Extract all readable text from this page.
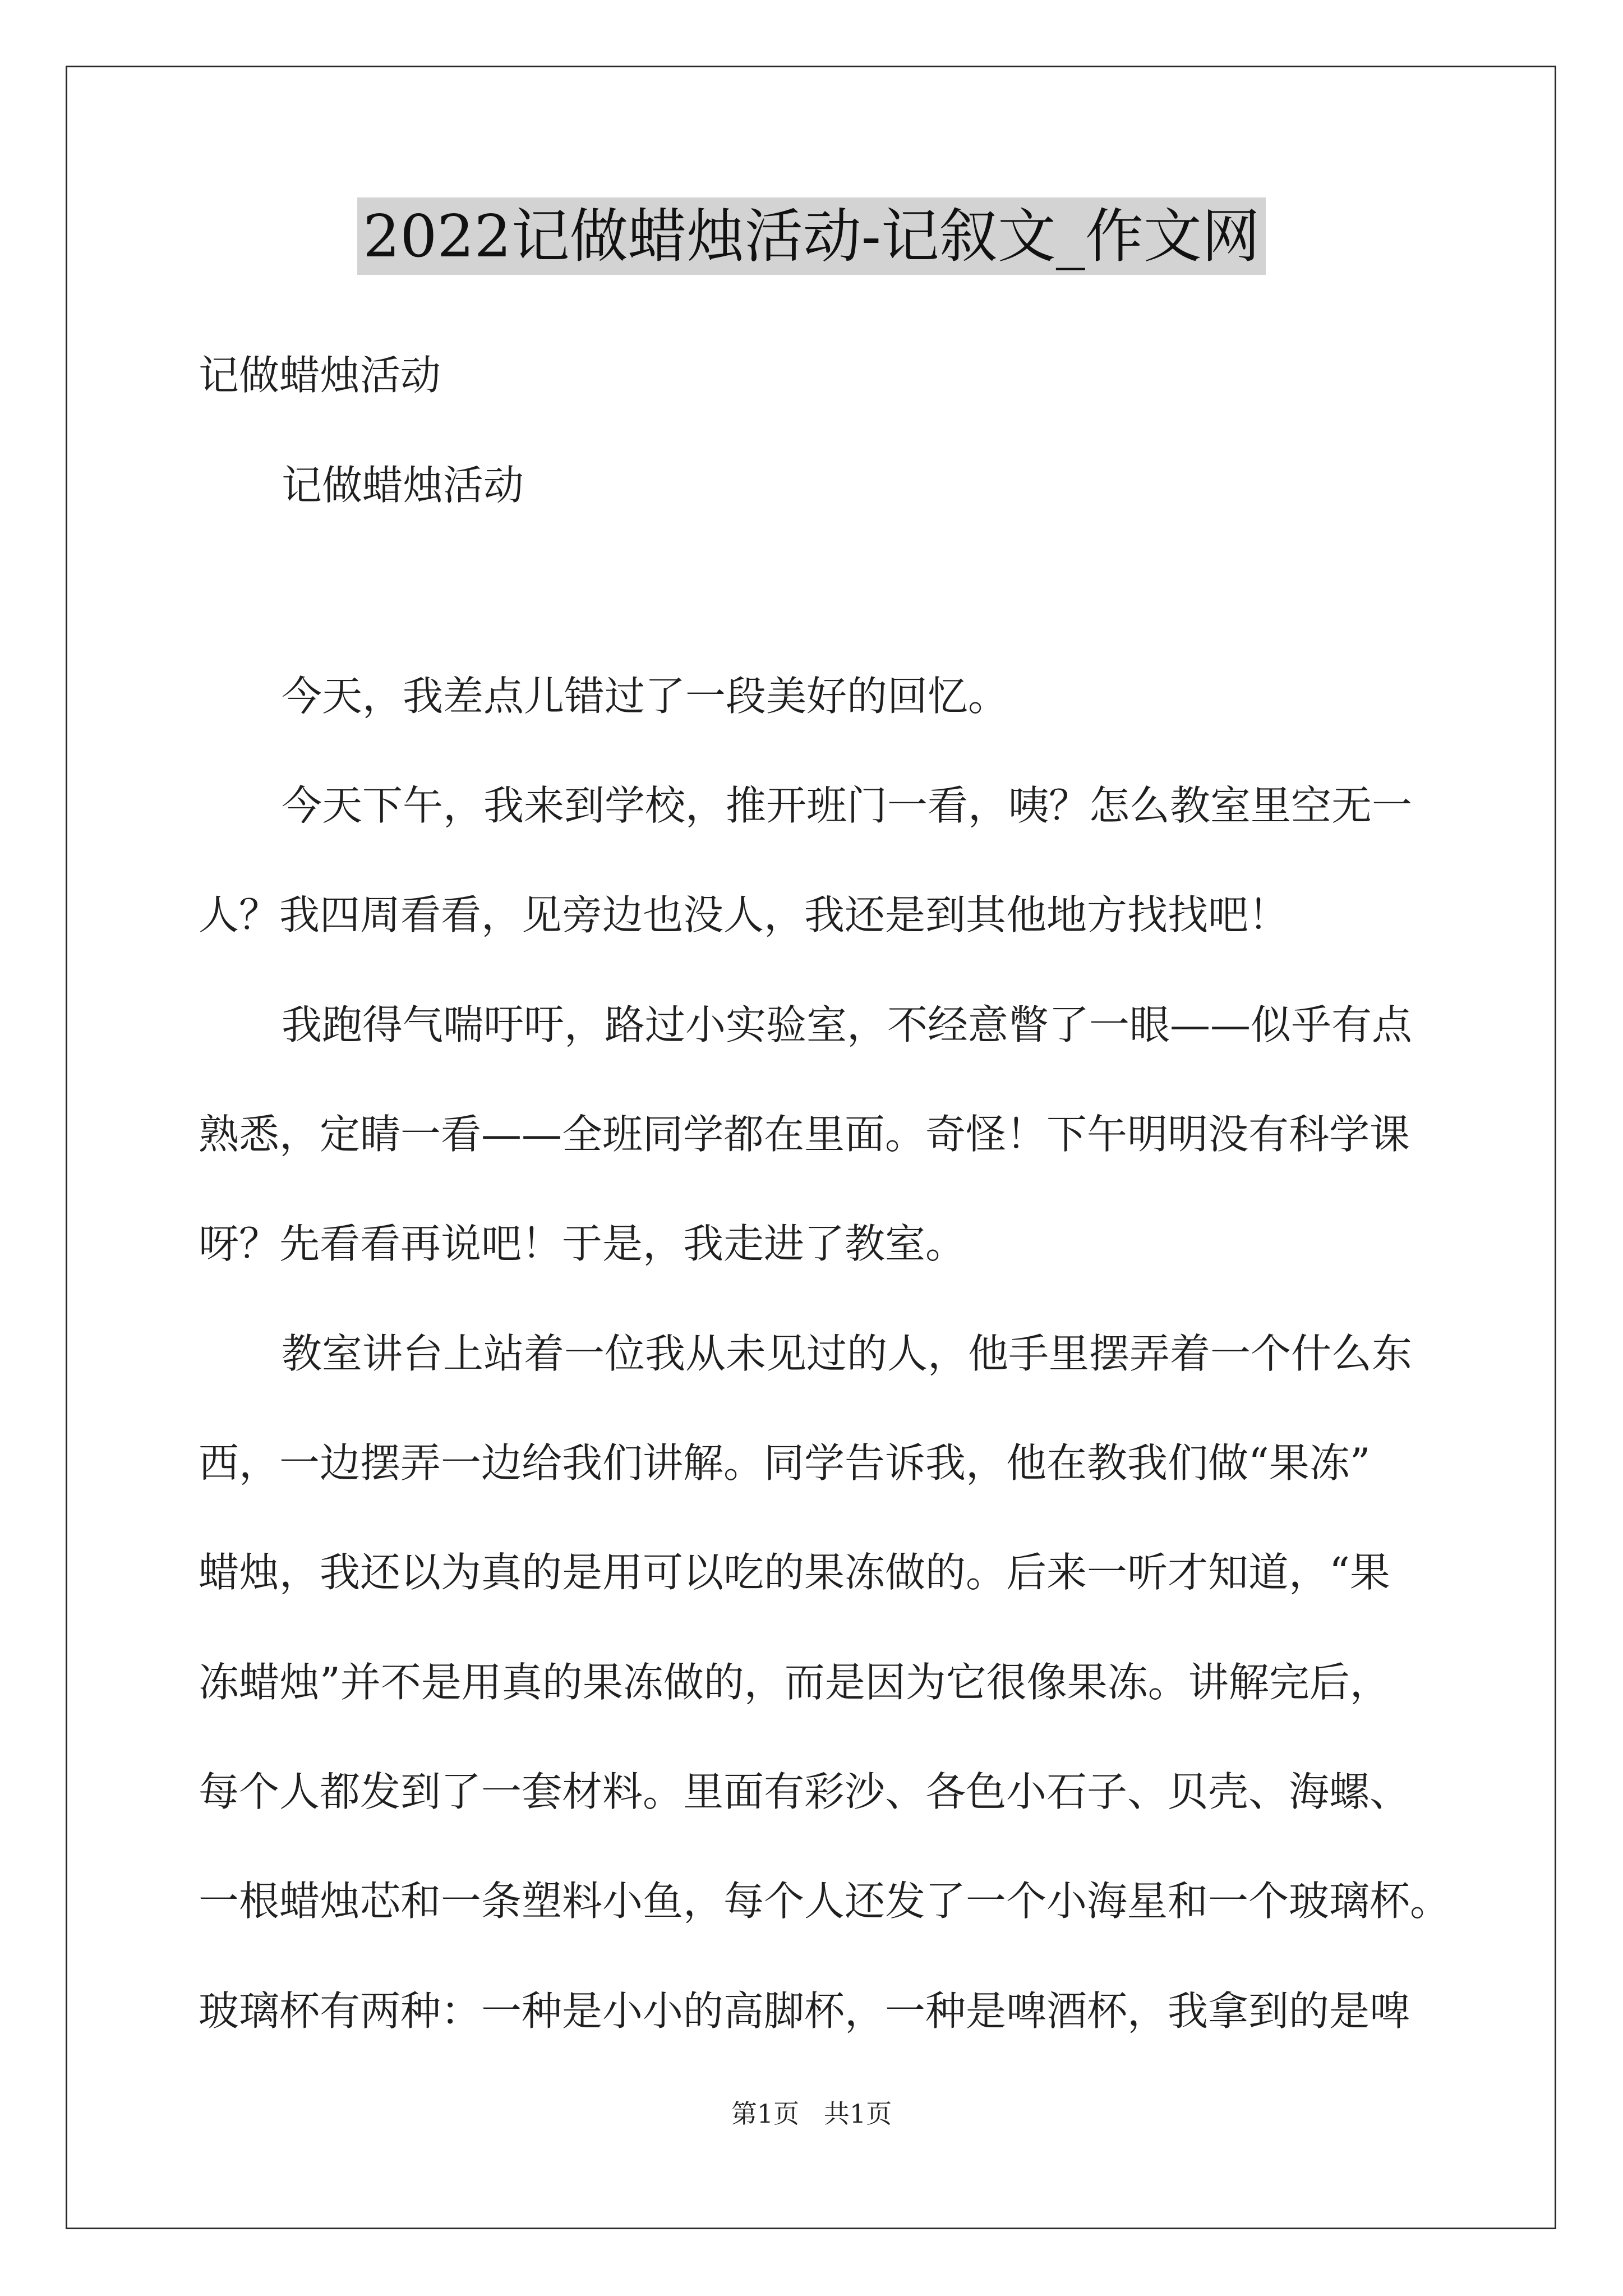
2022记做蜡烛活动-记叙文_作文网
记做蜡烛活动
记做蜡烛活动
今天，我差点儿错过了一段美好的回忆。
今天下午，我来到学校，推开班门一看，咦？怎么教室里空无一
人？我四周看看，见旁边也没人，我还是到其他地方找找吧！
我跑得气喘吁吁，路过小实验室，不经意瞥了一眼——似乎有点
熟悉，定睛一看——全班同学都在里面。奇怪！下午明明没有科学课
呀？先看看再说吧！于是，我走进了教室。
教室讲台上站着一位我从未见过的人，他手里摆弄着一个什么东
西，一边摆弄一边给我们讲解。同学告诉我，他在教我们做“果冻”
蜡烛，我还以为真的是用可以吃的果冻做的。后来一听才知道，“果
冻蜡烛”并不是用真的果冻做的，而是因为它很像果冻。讲解完后，
每个人都发到了一套材料。里面有彩沙、各色小石子、贝壳、海螺、
一根蜡烛芯和一条塑料小鱼，每个人还发了一个小海星和一个玻璃杯。
玻璃杯有两种：一种是小小的高脚杯，一种是啤酒杯，我拿到的是啤
第1页   共1页
